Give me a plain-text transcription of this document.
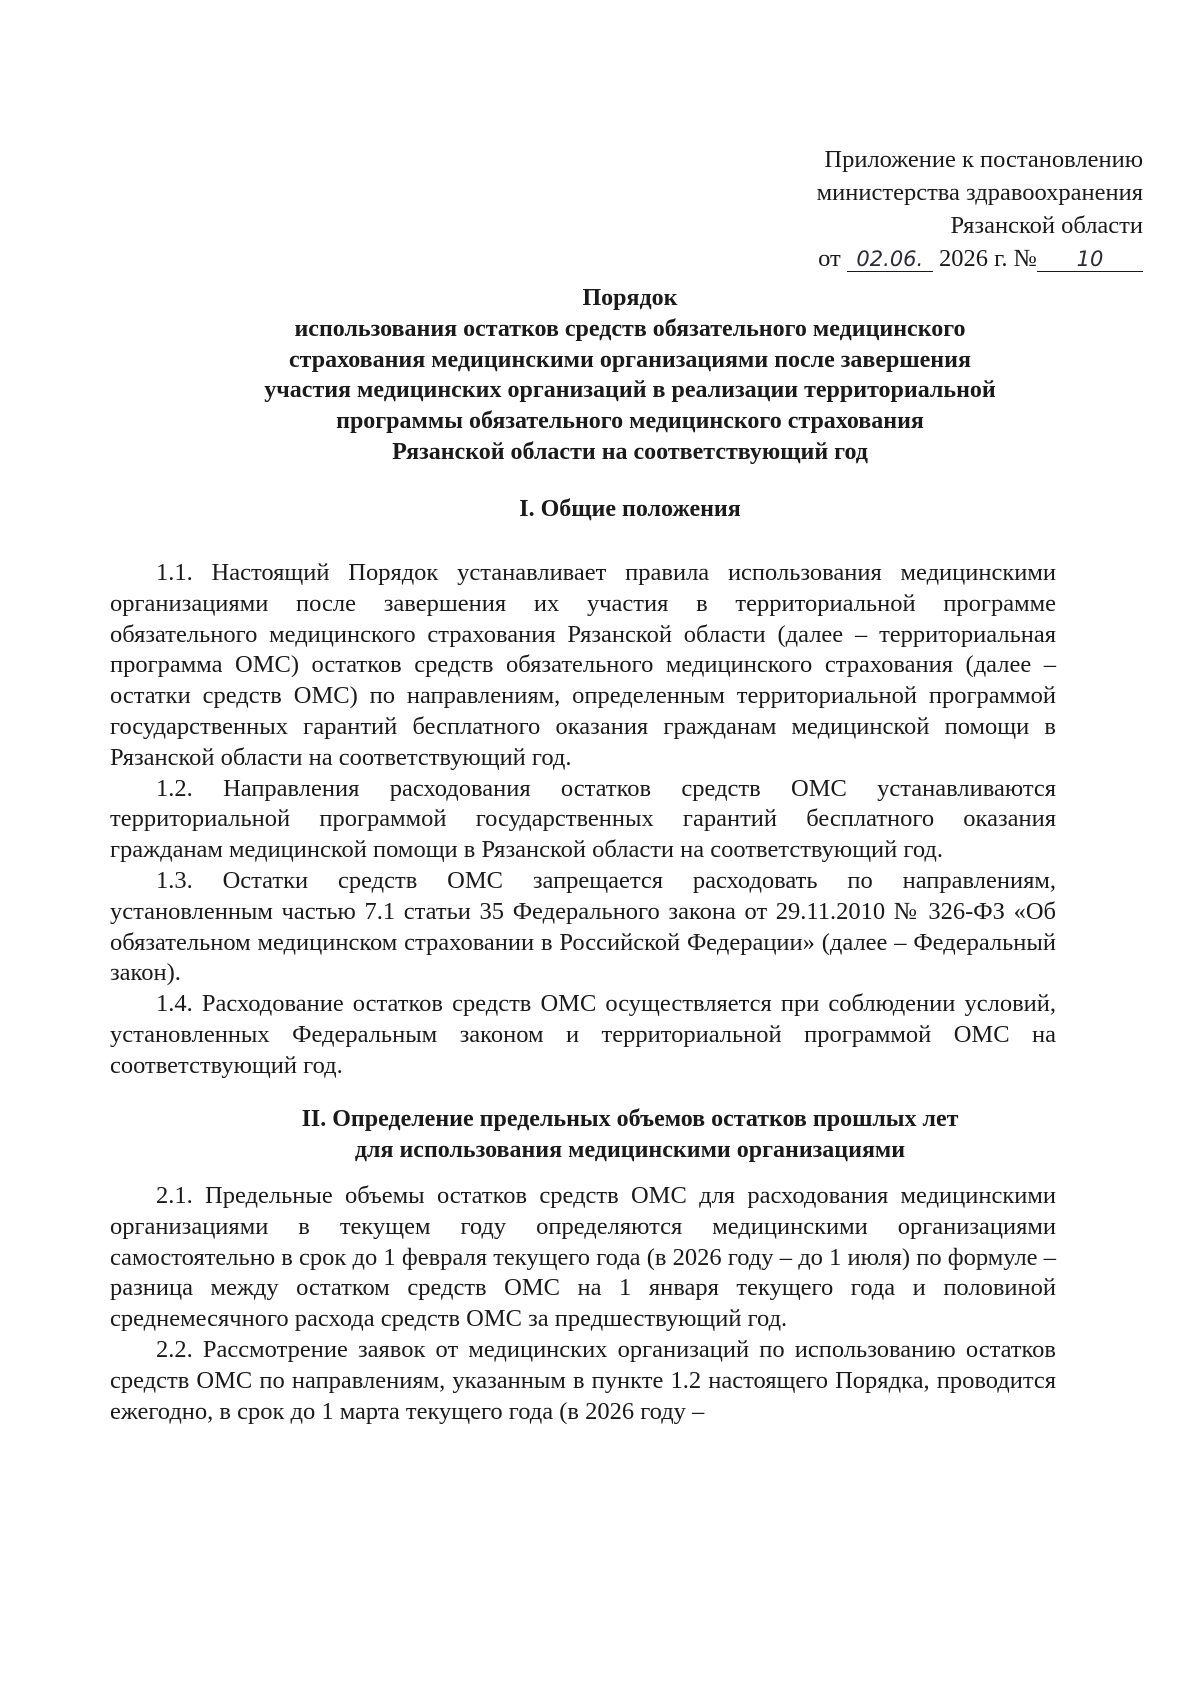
Приложение к постановлению
министерства здравоохранения
Рязанской области
от 02.06. 2026 г. № 10
Порядок
использования остатков средств обязательного медицинского
страхования медицинскими организациями после завершения
участия медицинских организаций в реализации территориальной
программы обязательного медицинского страхования
Рязанской области на соответствующий год
I. Общие положения

1.1. Настоящий Порядок устанавливает правила использования медицинскими организациями после завершения их участия в территориальной программе обязательного медицинского страхования Рязанской области (далее – территориальная программа ОМС) остатков средств обязательного медицинского страхования (далее – остатки средств ОМС) по направлениям, определенным территориальной программой государственных гарантий бесплатного оказания гражданам медицинской помощи в Рязанской области на соответствующий год.

1.2. Направления расходования остатков средств ОМС устанавливаются территориальной программой государственных гарантий бесплатного оказания гражданам медицинской помощи в Рязанской области на соответствующий год.

1.3. Остатки средств ОМС запрещается расходовать по направлениям, установленным частью 7.1 статьи 35 Федерального закона от 29.11.2010 № 326-ФЗ «Об обязательном медицинском страховании в Российской Федерации» (далее – Федеральный закон).

1.4. Расходование остатков средств ОМС осуществляется при соблюдении условий, установленных Федеральным законом и территориальной программой ОМС на соответствующий год.

II. Определение предельных объемов остатков прошлых лет
для использования медицинскими организациями

2.1. Предельные объемы остатков средств ОМС для расходования медицинскими организациями в текущем году определяются медицинскими организациями самостоятельно в срок до 1 февраля текущего года (в 2026 году – до 1 июля) по формуле – разница между остатком средств ОМС на 1 января текущего года и половиной среднемесячного расхода средств ОМС за предшествующий год.

2.2. Рассмотрение заявок от медицинских организаций по использованию остатков средств ОМС по направлениям, указанным в пункте 1.2 настоящего Порядка, проводится ежегодно, в срок до 1 марта текущего года (в 2026 году –
